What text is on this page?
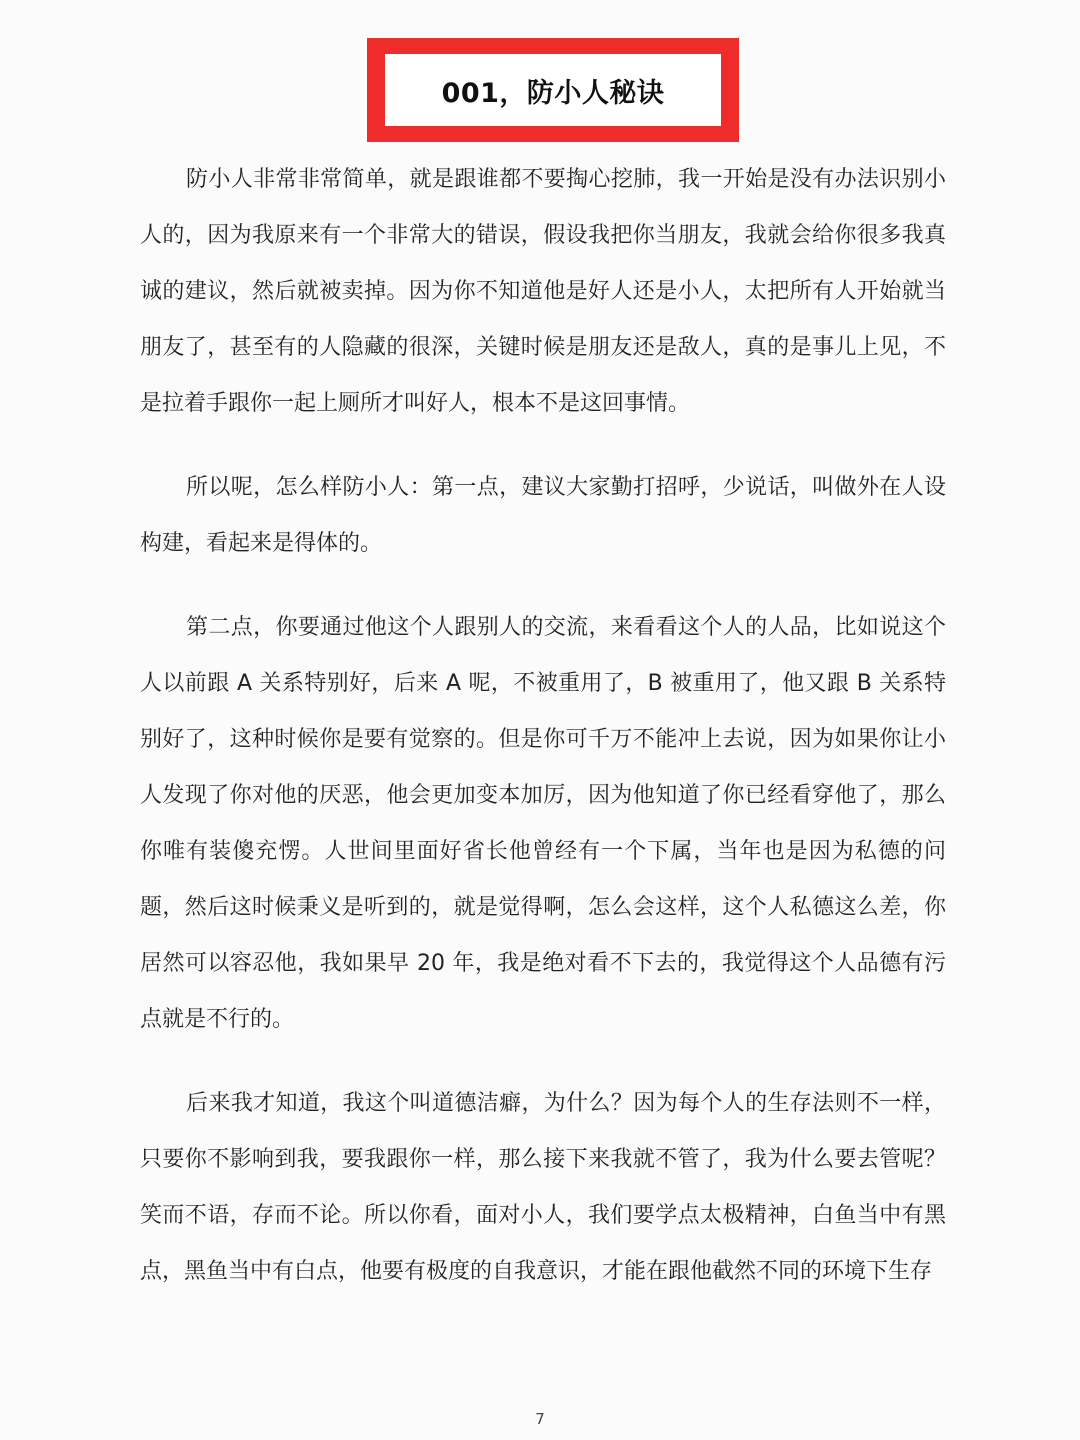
001，防小人秘诀

防小人非常非常简单，就是跟谁都不要掏心挖肺，我一开始是没有办法识别小人的，因为我原来有一个非常大的错误，假设我把你当朋友，我就会给你很多我真诚的建议，然后就被卖掉。因为你不知道他是好人还是小人，太把所有人开始就当朋友了，甚至有的人隐藏的很深，关键时候是朋友还是敌人，真的是事儿上见，不是拉着手跟你一起上厕所才叫好人，根本不是这回事情。

所以呢，怎么样防小人：第一点，建议大家勤打招呼，少说话，叫做外在人设构建，看起来是得体的。

第二点，你要通过他这个人跟别人的交流，来看看这个人的人品，比如说这个人以前跟 A 关系特别好，后来 A 呢，不被重用了，B 被重用了，他又跟 B 关系特别好了，这种时候你是要有觉察的。但是你可千万不能冲上去说，因为如果你让小人发现了你对他的厌恶，他会更加变本加厉，因为他知道了你已经看穿他了，那么你唯有装傻充愣。人世间里面好省长他曾经有一个下属，当年也是因为私德的问题，然后这时候秉义是听到的，就是觉得啊，怎么会这样，这个人私德这么差，你居然可以容忍他，我如果早 20 年，我是绝对看不下去的，我觉得这个人品德有污点就是不行的。

后来我才知道，我这个叫道德洁癖，为什么？因为每个人的生存法则不一样，只要你不影响到我，要我跟你一样，那么接下来我就不管了，我为什么要去管呢？笑而不语，存而不论。所以你看，面对小人，我们要学点太极精神，白鱼当中有黑点，黑鱼当中有白点，他要有极度的自我意识，才能在跟他截然不同的环境下生存

7
